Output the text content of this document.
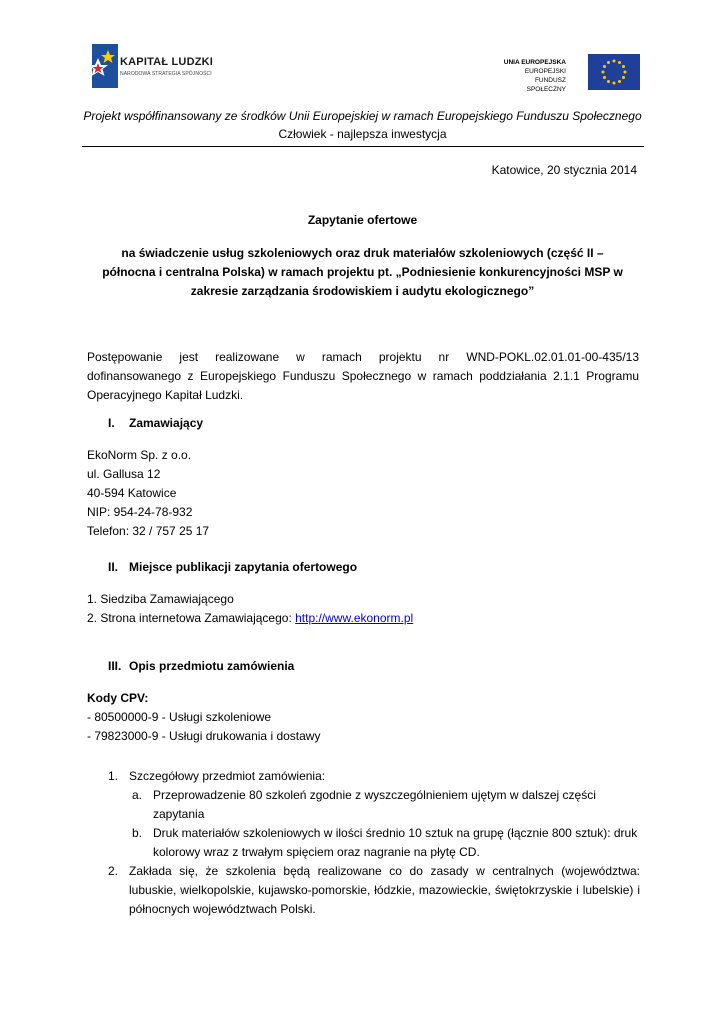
KAPITAŁ LUDZKI
NARODOWA STRATEGIA SPÓJNOŚCI
UNIA EUROPEJSKA
EUROPEJSKI
FUNDUSZ SPOŁECZNY
Projekt współfinansowany ze środków Unii Europejskiej w ramach Europejskiego Funduszu Społecznego
Człowiek - najlepsza inwestycja
Katowice, 20 stycznia 2014
Zapytanie ofertowe
na świadczenie usług szkoleniowych oraz druk materiałów szkoleniowych (część II – północna i centralna Polska) w ramach projektu pt. „Podniesienie konkurencyjności MSP w zakresie zarządzania środowiskiem i audytu ekologicznego”
Postępowanie jest realizowane w ramach projektu nr WND-POKL.02.01.01-00-435/13 dofinansowanego z Europejskiego Funduszu Społecznego w ramach poddziałania 2.1.1 Programu Operacyjnego Kapitał Ludzki.
I. Zamawiający
EkoNorm Sp. z o.o.
ul. Gallusa 12
40-594 Katowice
NIP: 954-24-78-932
Telefon: 32 / 757 25 17
II. Miejsce publikacji zapytania ofertowego
1. Siedziba Zamawiającego
2. Strona internetowa Zamawiającego: http://www.ekonorm.pl
III. Opis przedmiotu zamówienia
Kody CPV:
- 80500000-9 - Usługi szkoleniowe
- 79823000-9 - Usługi drukowania i dostawy
1. Szczegółowy przedmiot zamówienia:
a. Przeprowadzenie 80 szkoleń zgodnie z wyszczególnieniem ujętym w dalszej części zapytania
b. Druk materiałów szkoleniowych w ilości średnio 10 sztuk na grupę (łącznie 800 sztuk): druk kolorowy wraz z trwałym spięciem oraz nagranie na płytę CD.
2. Zakłada się, że szkolenia będą realizowane co do zasady w centralnych (województwa: lubuskie, wielkopolskie, kujawsko-pomorskie, łódzkie, mazowieckie, świętokrzyskie i lubelskie) i północnych województwach Polski.
